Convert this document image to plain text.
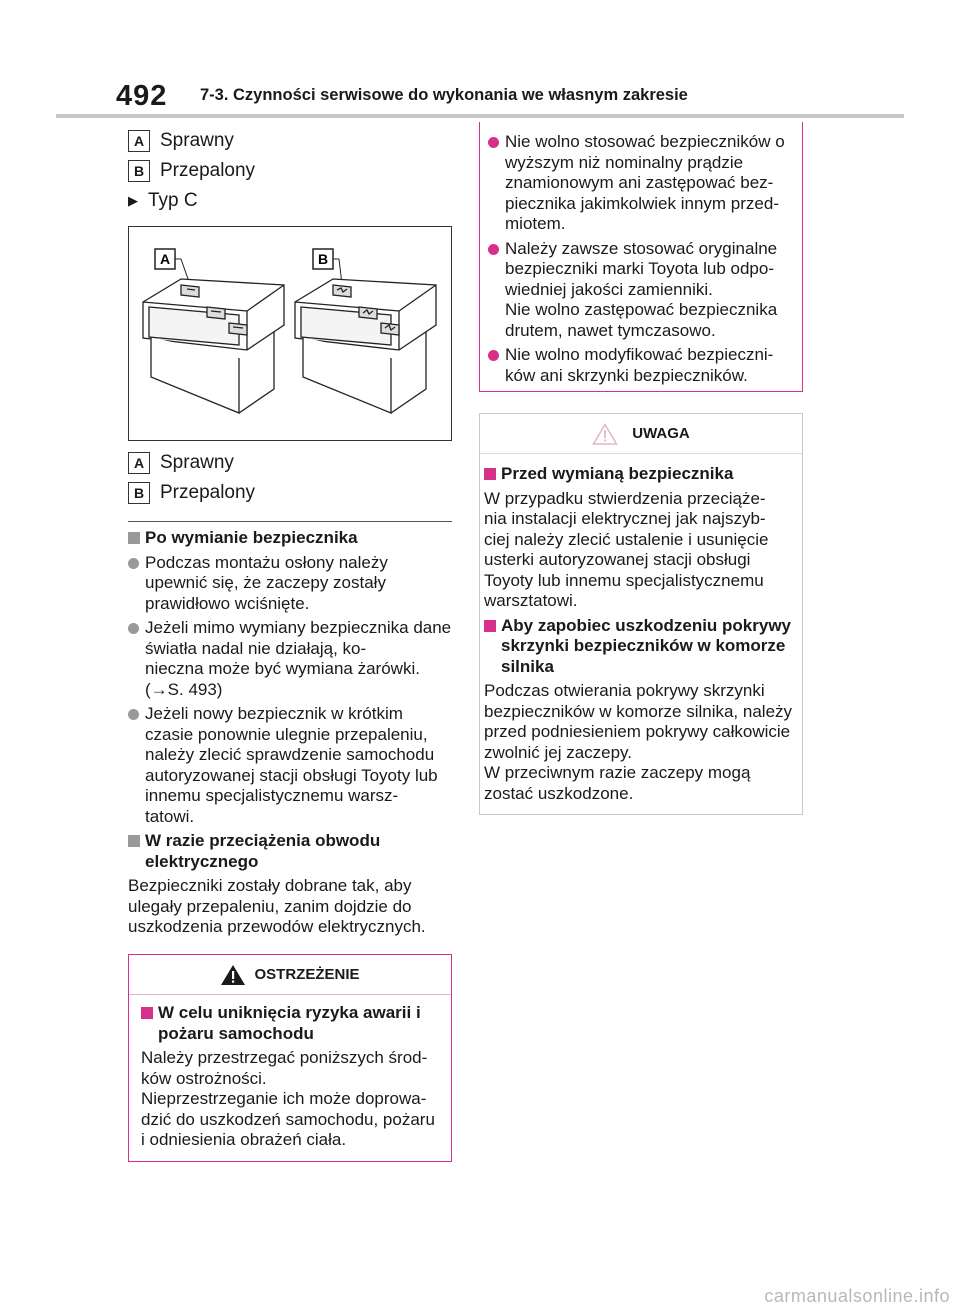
492 7-3. Czynności serwisowe do wykonania we własnym zakresie
A Sprawny
B Przepalony
▶ Typ C
A	B
A Sprawny
B Przepalony
Po wymianie bezpiecznika
Podczas montażu osłony należy upewnić się, że zaczepy zostały prawidłowo wciśnięte.
Jeżeli mimo wymiany bezpiecznika dane światła nadal nie działają, ko-
nieczna może być wymiana żarówki.
(→S. 493)
Jeżeli nowy bezpiecznik w krótkim czasie ponownie ulegnie przepaleniu, należy zlecić sprawdzenie samochodu autoryzowanej stacji obsługi Toyoty lub innemu specjalistycznemu warsz-
tatowi.
W razie przeciążenia obwodu elektrycznego
Bezpieczniki zostały dobrane tak, aby ulegały przepaleniu, zanim dojdzie do uszkodzenia przewodów elektrycznych.
OSTRZEŻENIE
W celu uniknięcia ryzyka awarii i pożaru samochodu
Należy przestrzegać poniższych środ-
ków ostrożności.
Nieprzestrzeganie ich może doprowa-
dzić do uszkodzeń samochodu, pożaru i odniesienia obrażeń ciała.
Nie wolno stosować bezpieczników o wyższym niż nominalny prądzie znamionowym ani zastępować bez-
piecznika jakimkolwiek innym przed-
miotem.
Należy zawsze stosować oryginalne bezpieczniki marki Toyota lub odpo-
wiedniej jakości zamienniki.
Nie wolno zastępować bezpiecznika drutem, nawet tymczasowo.
Nie wolno modyfikować bezpieczni-
ków ani skrzynki bezpieczników.
UWAGA
Przed wymianą bezpiecznika
W przypadku stwierdzenia przeciąże-
nia instalacji elektrycznej jak najszyb-
ciej należy zlecić ustalenie i usunięcie usterki autoryzowanej stacji obsługi Toyoty lub innemu specjalistycznemu warsztatowi.
Aby zapobiec uszkodzeniu pokrywy skrzynki bezpieczników w komorze silnika
Podczas otwierania pokrywy skrzynki bezpieczników w komorze silnika, należy przed podniesieniem pokrywy całkowicie zwolnić jej zaczepy.
W przeciwnym razie zaczepy mogą zostać uszkodzone.
carmanualsonline.info
